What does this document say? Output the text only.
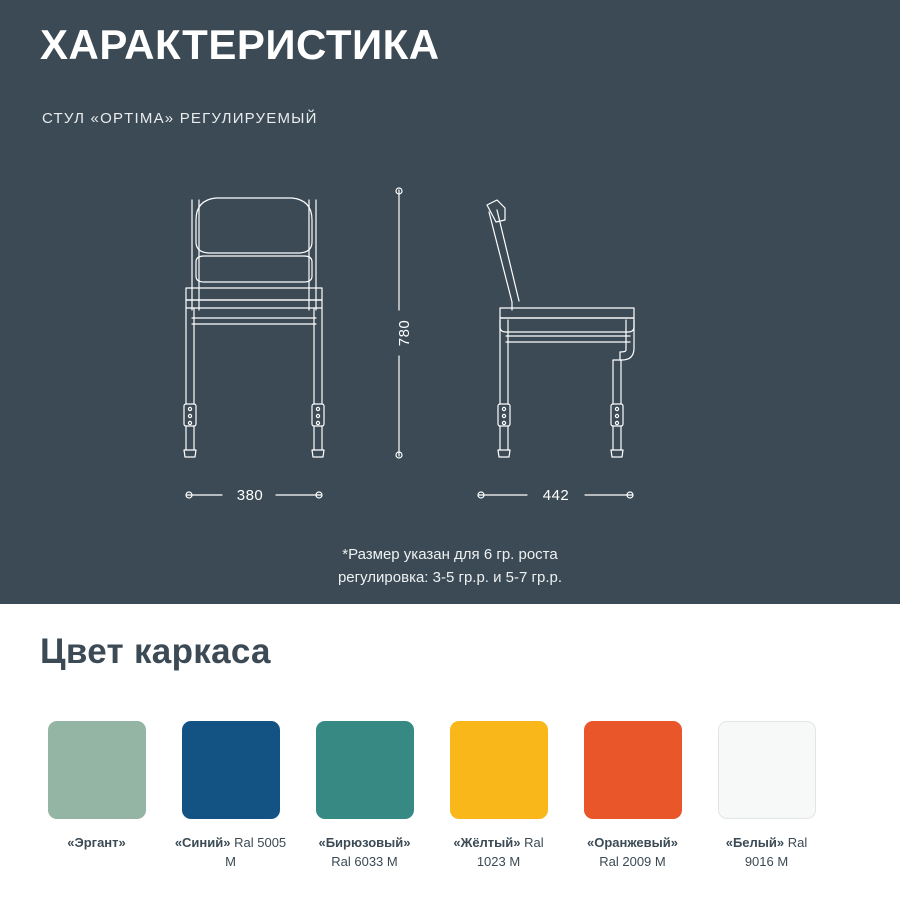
ХАРАКТЕРИСТИКА
СТУЛ «OPTIMA» РЕГУЛИРУЕМЫЙ
780
380	442
*Размер указан для 6 гр. роста
регулировка: 3-5 гр.р. и 5-7 гр.р.
Цвет каркаса
«Эргант»	«Синий» Ral 5005 M
«Бирюзовый» Ral 6033 M
«Жёлтый» Ral 1023 M
«Оранжевый» Ral 2009 M
«Белый» Ral 9016 M
